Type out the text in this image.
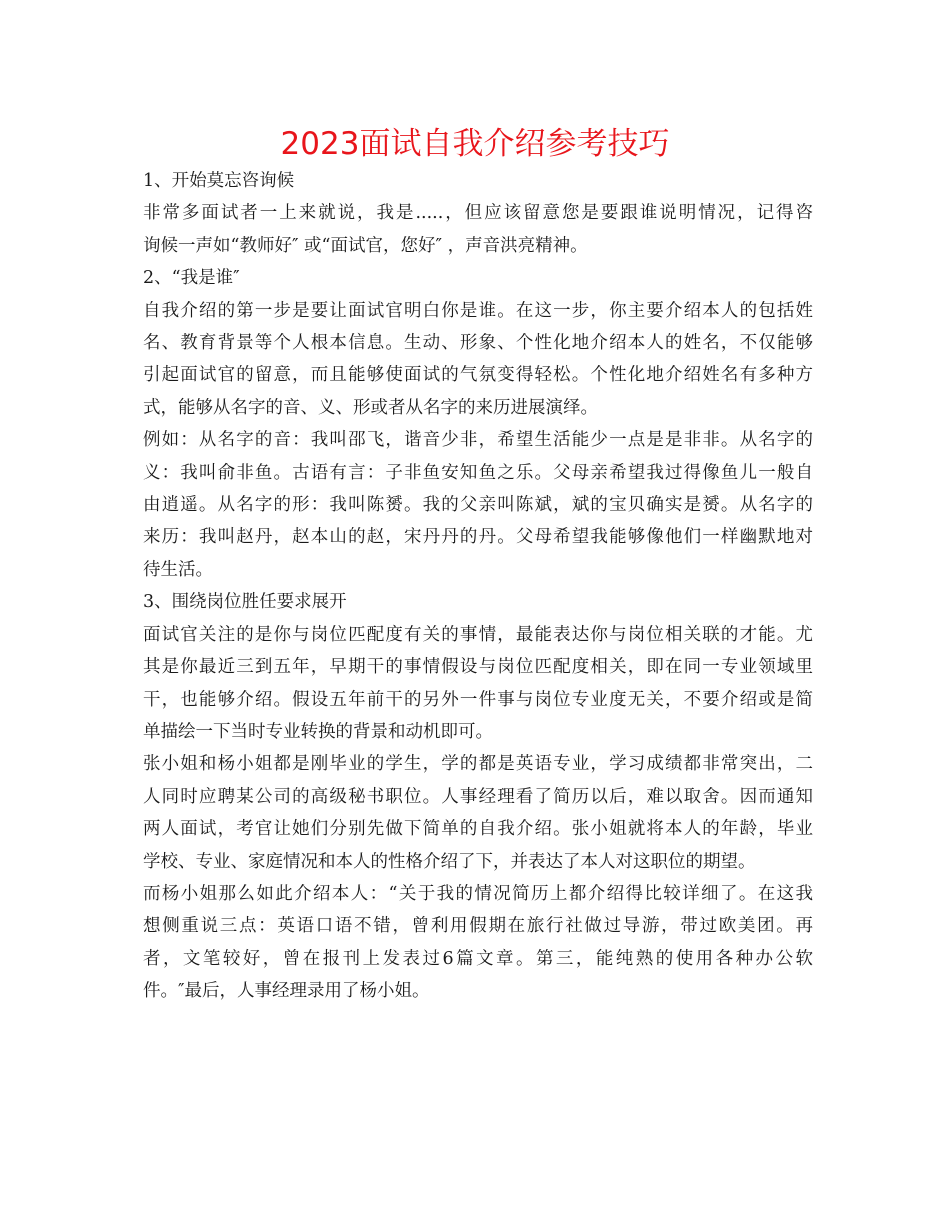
2023面试自我介绍参考技巧
1、开始莫忘咨询候
非常多面试者一上来就说，我是.....，但应该留意您是要跟谁说明情况，记得咨
询候一声如“教师好″ 或“面试官，您好″ ，声音洪亮精神。
2、“我是谁″
自我介绍的第一步是要让面试官明白你是谁。在这一步，你主要介绍本人的包括姓
名、教育背景等个人根本信息。生动、形象、个性化地介绍本人的姓名，不仅能够
引起面试官的留意，而且能够使面试的气氛变得轻松。个性化地介绍姓名有多种方
式，能够从名字的音、义、形或者从名字的来历进展演绎。
例如：从名字的音：我叫邵飞，谐音少非，希望生活能少一点是是非非。从名字的
义：我叫俞非鱼。古语有言：子非鱼安知鱼之乐。父母亲希望我过得像鱼儿一般自
由逍遥。从名字的形：我叫陈赟。我的父亲叫陈斌，斌的宝贝确实是赟。从名字的
来历：我叫赵丹，赵本山的赵，宋丹丹的丹。父母希望我能够像他们一样幽默地对
待生活。
3、围绕岗位胜任要求展开
面试官关注的是你与岗位匹配度有关的事情，最能表达你与岗位相关联的才能。尤
其是你最近三到五年，早期干的事情假设与岗位匹配度相关，即在同一专业领域里
干，也能够介绍。假设五年前干的另外一件事与岗位专业度无关，不要介绍或是简
单描绘一下当时专业转换的背景和动机即可。
张小姐和杨小姐都是刚毕业的学生，学的都是英语专业，学习成绩都非常突出，二
人同时应聘某公司的高级秘书职位。人事经理看了简历以后，难以取舍。因而通知
两人面试，考官让她们分别先做下简单的自我介绍。张小姐就将本人的年龄，毕业
学校、专业、家庭情况和本人的性格介绍了下，并表达了本人对这职位的期望。
而杨小姐那么如此介绍本人：“关于我的情况简历上都介绍得比较详细了。在这我
想侧重说三点：英语口语不错，曾利用假期在旅行社做过导游，带过欧美团。再
者，文笔较好，曾在报刊上发表过6篇文章。第三，能纯熟的使用各种办公软
件。″最后，人事经理录用了杨小姐。
